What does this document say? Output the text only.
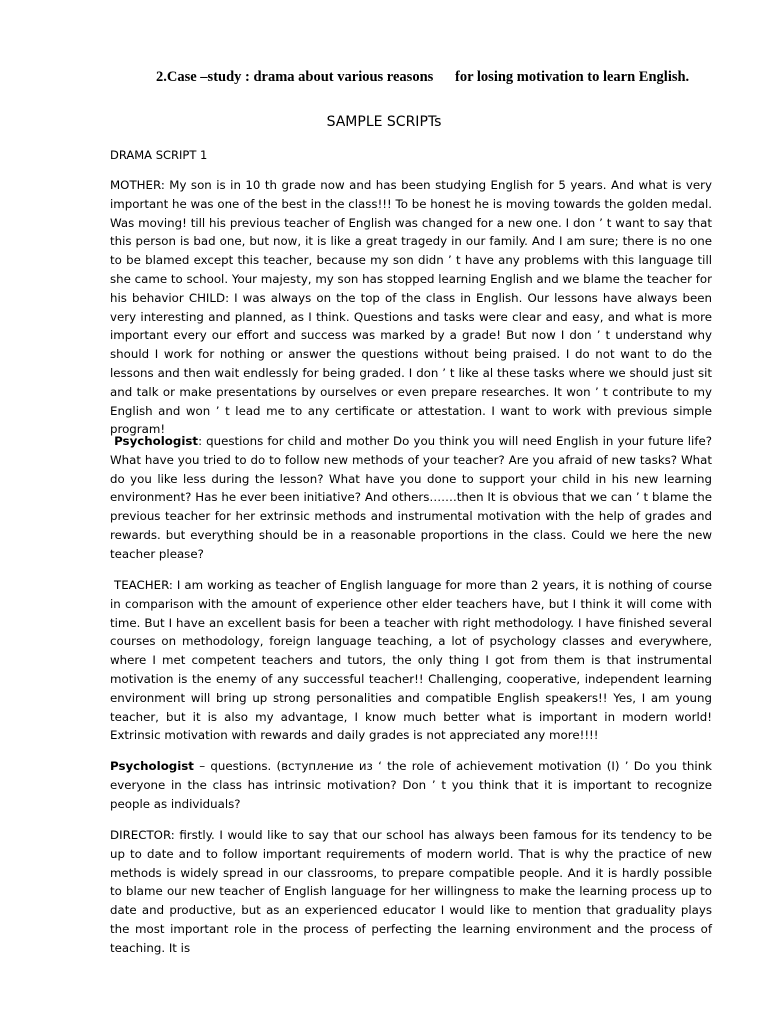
2.Case –study : drama about various reasons      for losing motivation to learn English.
SAMPLE SCRIPTs
DRAMA SCRIPT 1

MOTHER: My son is in 10 th grade now and has been studying English for 5 years. And what is very important he was one of the best in the class!!! To be honest he is moving towards the golden medal. Was moving! till his previous teacher of English was changed for a new one. I don ’ t want to say that this person is bad one, but now, it is like a great tragedy in our family. And I am sure; there is no one to be blamed except this teacher, because my son didn ’ t have any problems with this language till she came to school. Your majesty, my son has stopped learning English and we blame the teacher for his behavior CHILD: I was always on the top of the class in English. Our lessons have always been very interesting and planned, as I think. Questions and tasks were clear and easy, and what is more important every our effort and success was marked by a grade! But now I don ’ t understand why should I work for nothing or answer the questions without being praised. I do not want to do the lessons and then wait endlessly for being graded. I don ’ t like al these tasks where we should just sit and talk or make presentations by ourselves or even prepare researches. It won ’ t contribute to my English and won ’ t lead me to any certificate or attestation. I want to work with previous simple program!

Psychologist: questions for child and mother Do you think you will need English in your future life? What have you tried to do to follow new methods of your teacher? Are you afraid of new tasks? What do you like less during the lesson? What have you done to support your child in his new learning environment? Has he ever been initiative? And others…….then It is obvious that we can ’ t blame the previous teacher for her extrinsic methods and instrumental motivation with the help of grades and rewards. but everything should be in a reasonable proportions in the class. Could we here the new teacher please?

TEACHER: I am working as teacher of English language for more than 2 years, it is nothing of course in comparison with the amount of experience other elder teachers have, but I think it will come with time. But I have an excellent basis for been a teacher with right methodology. I have finished several courses on methodology, foreign language teaching, a lot of psychology classes and everywhere, where I met competent teachers and tutors, the only thing I got from them is that instrumental motivation is the enemy of any successful teacher!! Challenging, cooperative, independent learning environment will bring up strong personalities and compatible English speakers!! Yes, I am young teacher, but it is also my advantage, I know much better what is important in modern world! Extrinsic motivation with rewards and daily grades is not appreciated any more!!!!

Psychologist – questions. (вступление из ‘ the role of achievement motivation (I) ’ Do you think everyone in the class has intrinsic motivation? Don ’ t you think that it is important to recognize people as individuals?

DIRECTOR: firstly. I would like to say that our school has always been famous for its tendency to be up to date and to follow important requirements of modern world. That is why the practice of new methods is widely spread in our classrooms, to prepare compatible people. And it is hardly possible to blame our new teacher of English language for her willingness to make the learning process up to date and productive, but as an experienced educator I would like to mention that graduality plays the most important role in the process of perfecting the learning environment and the process of teaching. It is
